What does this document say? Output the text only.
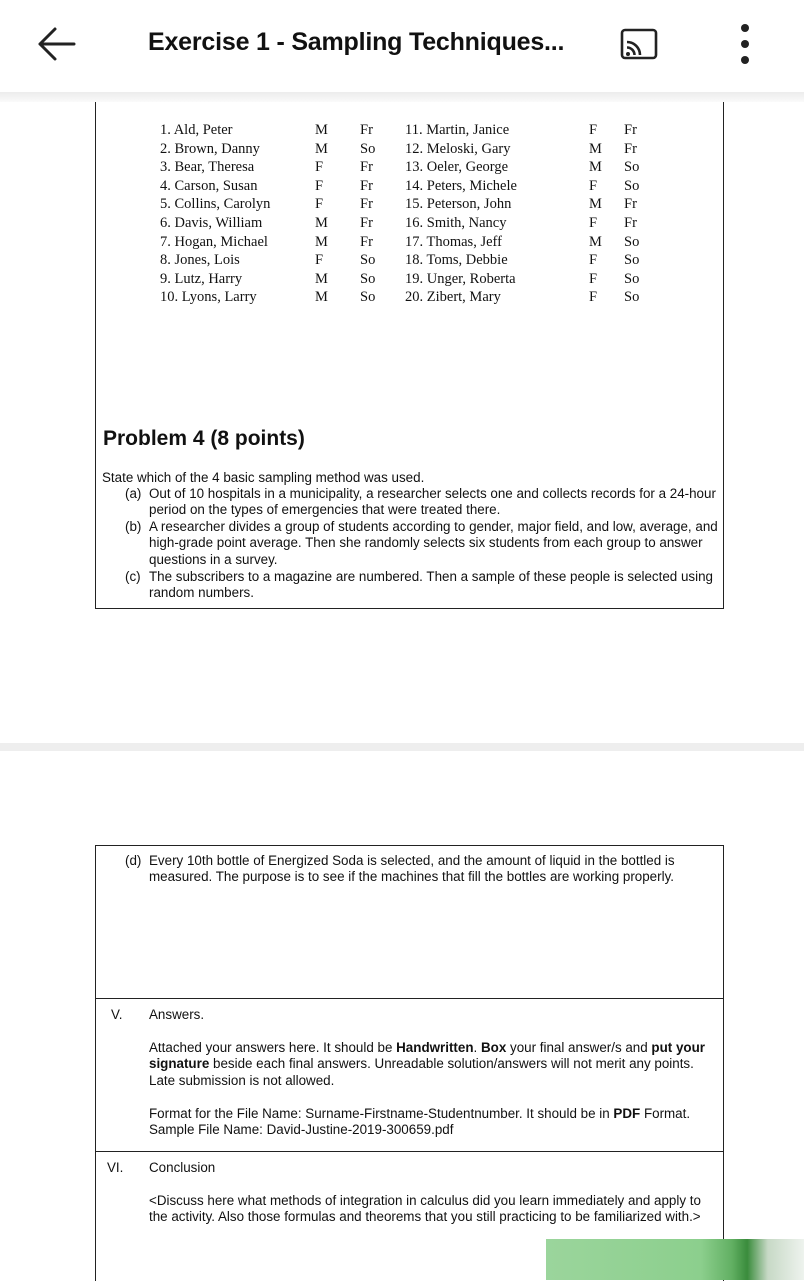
Exercise 1 - Sampling Techniques...
1. Ald, Peter
2. Brown, Danny
3. Bear, Theresa
4. Carson, Susan
5. Collins, Carolyn
6. Davis, William
7. Hogan, Michael
8. Jones, Lois
9. Lutz, Harry
10. Lyons, Larry
M
M
F
F
F
M
M
F
M
M
Fr
So
Fr
Fr
Fr
Fr
Fr
So
So
So
11. Martin, Janice
12. Meloski, Gary
13. Oeler, George
14. Peters, Michele
15. Peterson, John
16. Smith, Nancy
17. Thomas, Jeff
18. Toms, Debbie
19. Unger, Roberta
20. Zibert, Mary
F
M
M
F
M
F
M
F
F
F
Fr
Fr
So
So
Fr
Fr
So
So
So
So
Problem 4 (8 points)
State which of the 4 basic sampling method was used.
(a) Out of 10 hospitals in a municipality, a researcher selects one and collects records for a 24-hour period on the types of emergencies that were treated there.
(b) A researcher divides a group of students according to gender, major field, and low, average, and high-grade point average. Then she randomly selects six students from each group to answer questions in a survey.
(c) The subscribers to a magazine are numbered. Then a sample of these people is selected using random numbers.
(d) Every 10th bottle of Energized Soda is selected, and the amount of liquid in the bottled is measured. The purpose is to see if the machines that fill the bottles are working properly.
V. Answers.
Attached your answers here. It should be Handwritten. Box your final answer/s and put your signature beside each final answers. Unreadable solution/answers will not merit any points. Late submission is not allowed.
Format for the File Name: Surname-Firstname-Studentnumber. It should be in PDF Format. Sample File Name: David-Justine-2019-300659.pdf
VI. Conclusion
<Discuss here what methods of integration in calculus did you learn immediately and apply to the activity. Also those formulas and theorems that you still practicing to be familiarized with.>
